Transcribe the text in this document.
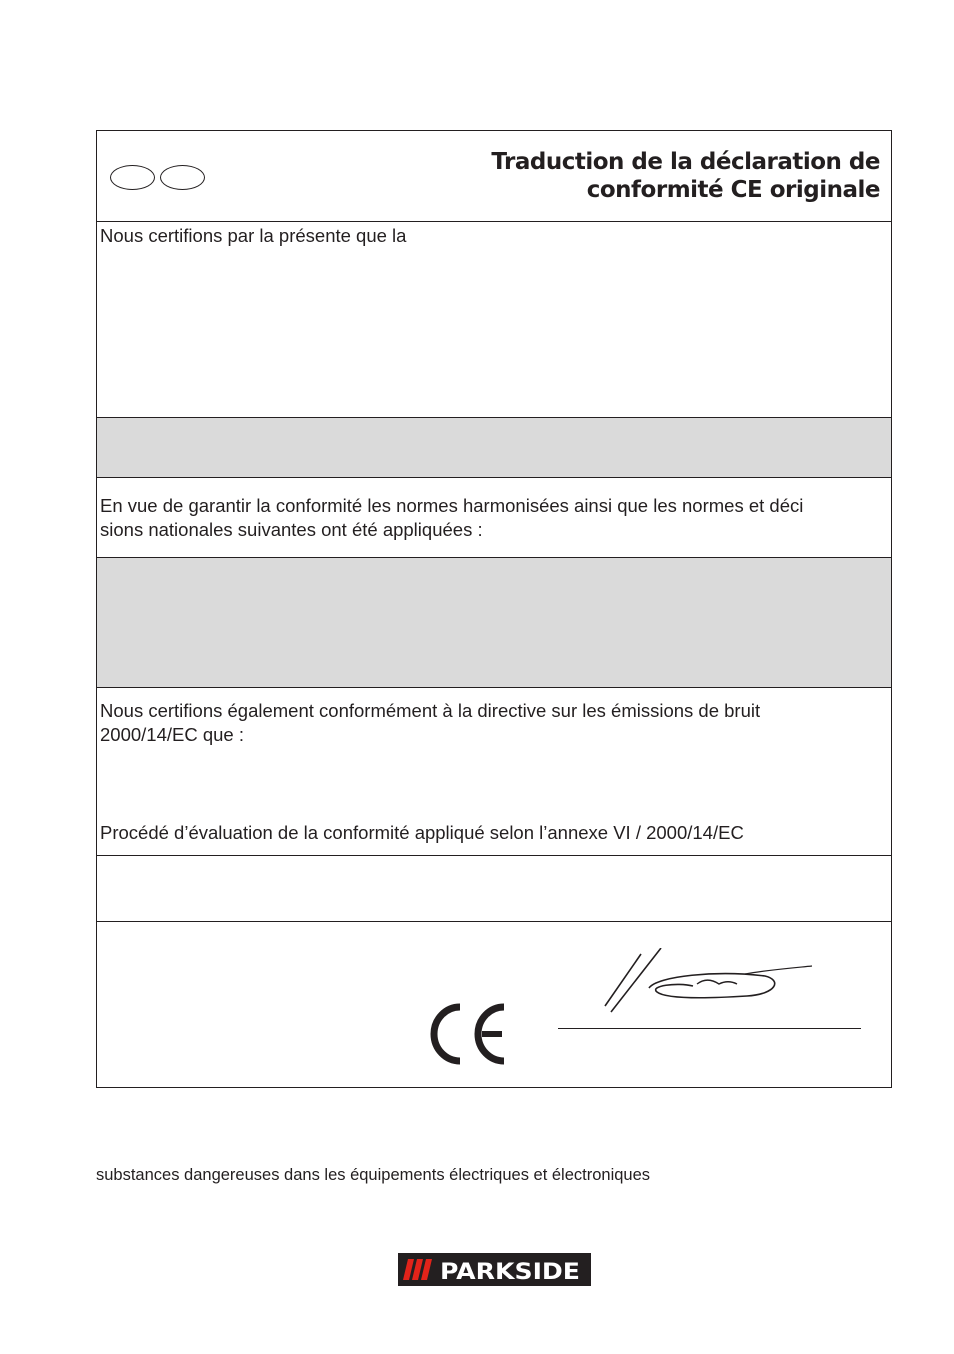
Traduction de la déclaration de
conformité CE originale
Nous certifions par la présente que la
En vue de garantir la conformité les normes harmonisées ainsi que les normes et déci
sions nationales suivantes ont été appliquées :
Nous certifions également conformément à la directive sur les émissions de bruit
2000/14/EC que :
Procédé d’évaluation de la conformité appliqué selon l’annexe VI / 2000/14/EC
substances dangereuses dans les équipements électriques et électroniques
PARKSIDE
